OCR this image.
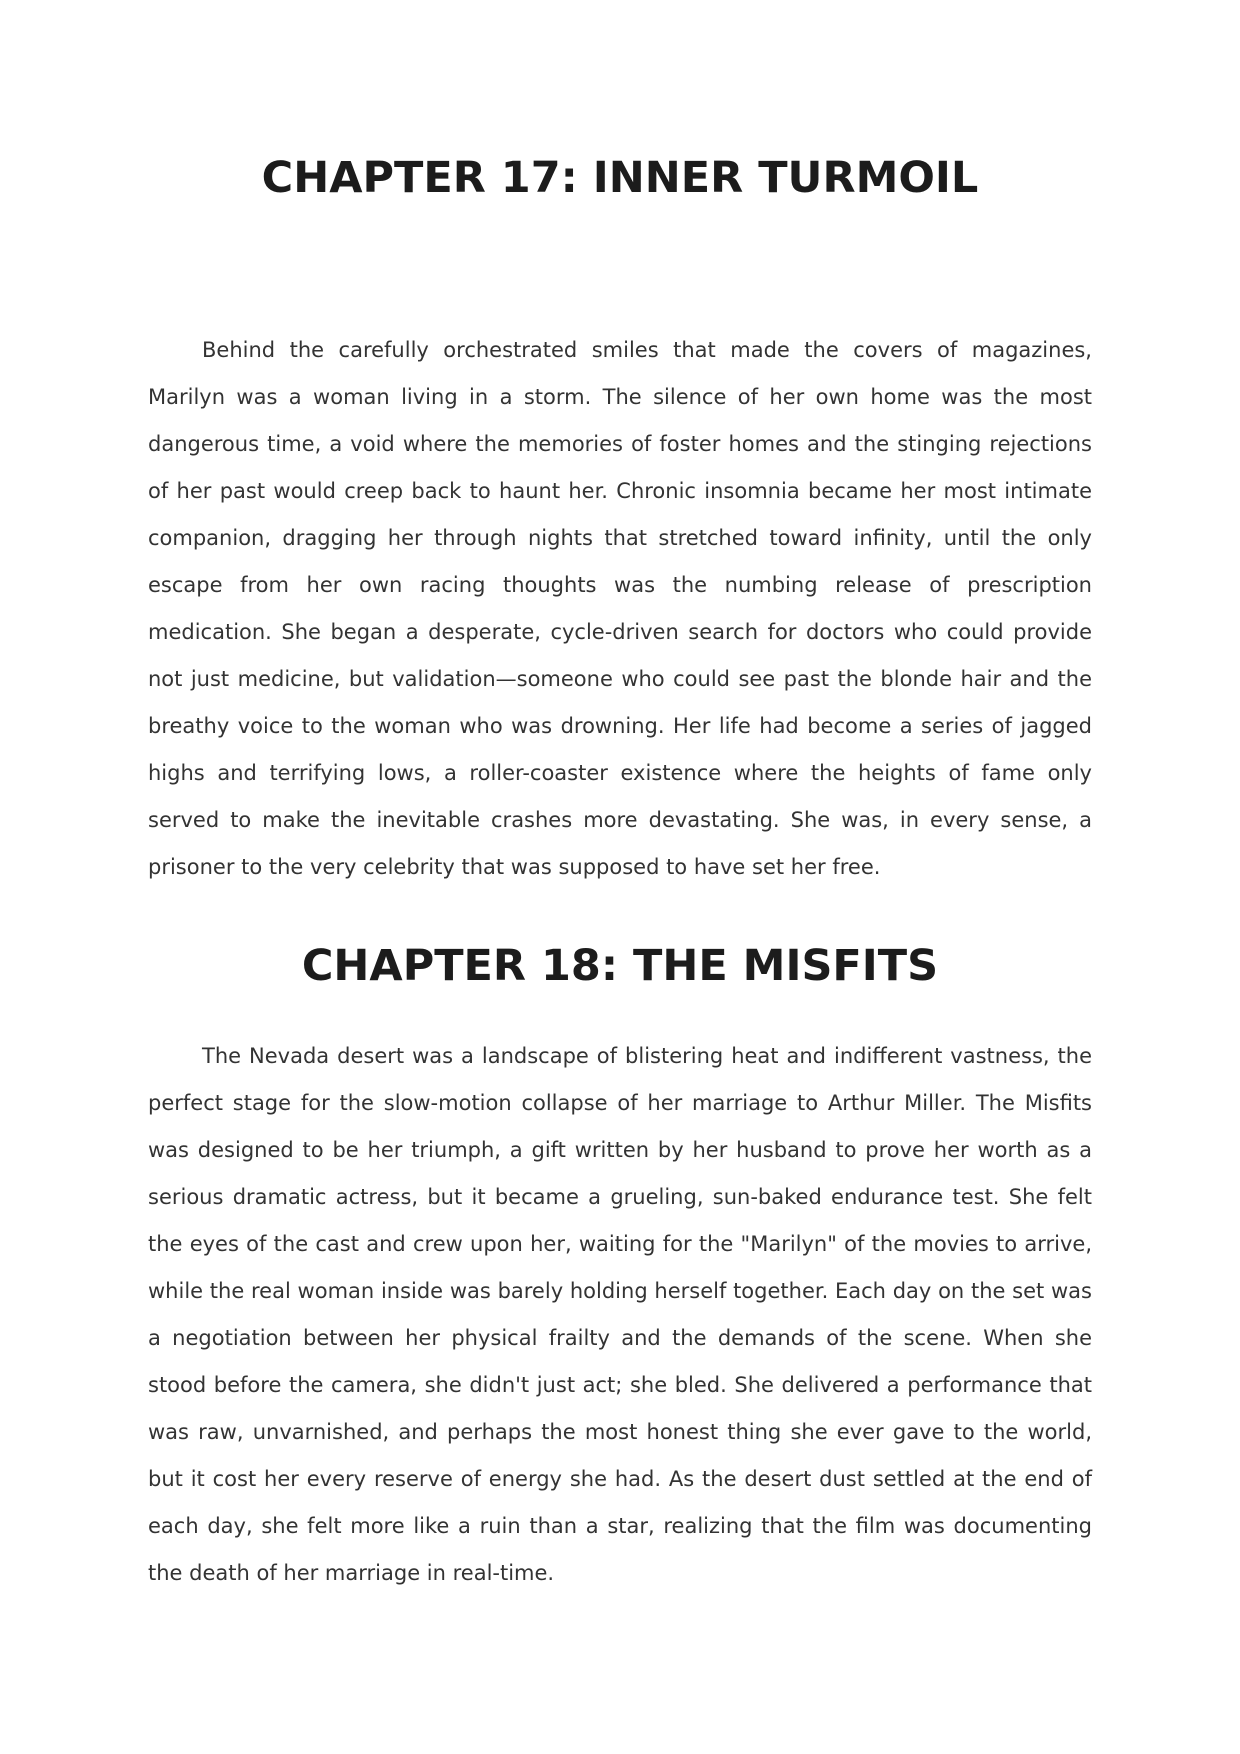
CHAPTER 17: INNER TURMOIL

Behind the carefully orchestrated smiles that made the covers of magazines, Marilyn was a woman living in a storm. The silence of her own home was the most dangerous time, a void where the memories of foster homes and the stinging rejections of her past would creep back to haunt her. Chronic insomnia became her most intimate companion, dragging her through nights that stretched toward infinity, until the only escape from her own racing thoughts was the numbing release of prescription medication. She began a desperate, cycle-driven search for doctors who could provide not just medicine, but validation—someone who could see past the blonde hair and the breathy voice to the woman who was drowning. Her life had become a series of jagged highs and terrifying lows, a roller-coaster existence where the heights of fame only served to make the inevitable crashes more devastating. She was, in every sense, a prisoner to the very celebrity that was supposed to have set her free.

CHAPTER 18: THE MISFITS

The Nevada desert was a landscape of blistering heat and indifferent vastness, the perfect stage for the slow-motion collapse of her marriage to Arthur Miller. The Misfits was designed to be her triumph, a gift written by her husband to prove her worth as a serious dramatic actress, but it became a grueling, sun-baked endurance test. She felt the eyes of the cast and crew upon her, waiting for the "Marilyn" of the movies to arrive, while the real woman inside was barely holding herself together. Each day on the set was a negotiation between her physical frailty and the demands of the scene. When she stood before the camera, she didn't just act; she bled. She delivered a performance that was raw, unvarnished, and perhaps the most honest thing she ever gave to the world, but it cost her every reserve of energy she had. As the desert dust settled at the end of each day, she felt more like a ruin than a star, realizing that the film was documenting the death of her marriage in real-time.
